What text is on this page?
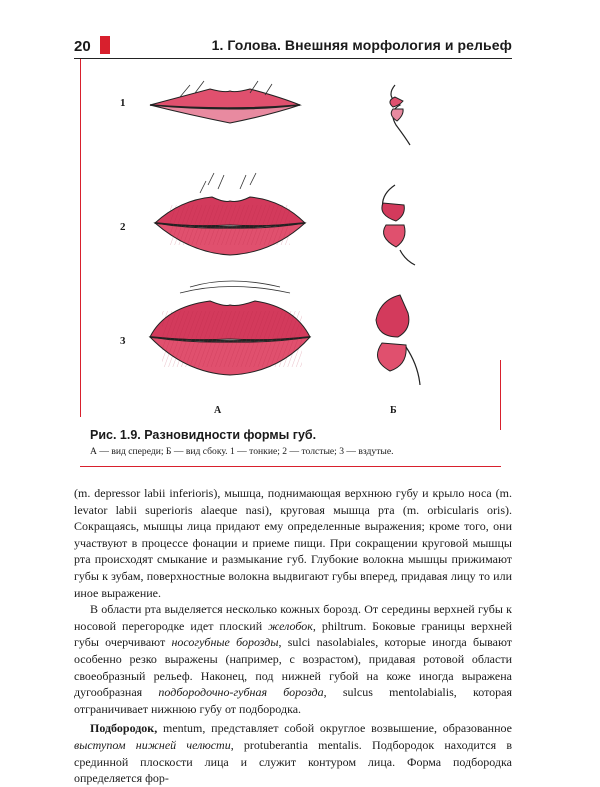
20	1. Голова. Внешняя морфология и рельеф
1
2
3
А	Б

Рис. 1.9. Разновидности формы губ.

А — вид спереди; Б — вид сбоку. 1 — тонкие; 2 — толстые; 3 — вздутые.

(m. depressor labii inferioris), мышца, поднимающая верхнюю губу и крыло носа (m. levator labii superioris alaeque nasi), круговая мышца рта (m. orbicularis oris). Сокращаясь, мышцы лица придают ему определенные выражения; кроме того, они участвуют в процессе фонации и приеме пищи. При сокращении круговой мышцы рта происходят смыкание и размыкание губ. Глубокие волокна мышцы прижимают губы к зубам, поверхностные волокна выдвигают губы вперед, придавая лицу то или иное выражение.

В области рта выделяется несколько кожных борозд. От середины верхней губы к носовой перегородке идет плоский желобок, philtrum. Боковые границы верхней губы очерчивают носогубные борозды, sulci nasolabiales, которые иногда бывают особенно резко выражены (например, с возрастом), придавая ротовой области своеобразный рельеф. Наконец, под нижней губой на коже иногда выражена дугообразная подбородочно-губная борозда, sulcus mentolabialis, которая отграничивает нижнюю губу от подбородка.

Подбородок, mentum, представляет собой округлое возвышение, образованное выступом нижней челюсти, protuberantia mentalis. Подбородок находится в срединной плоскости лица и служит контуром лица. Форма подбородка определяется фор-
